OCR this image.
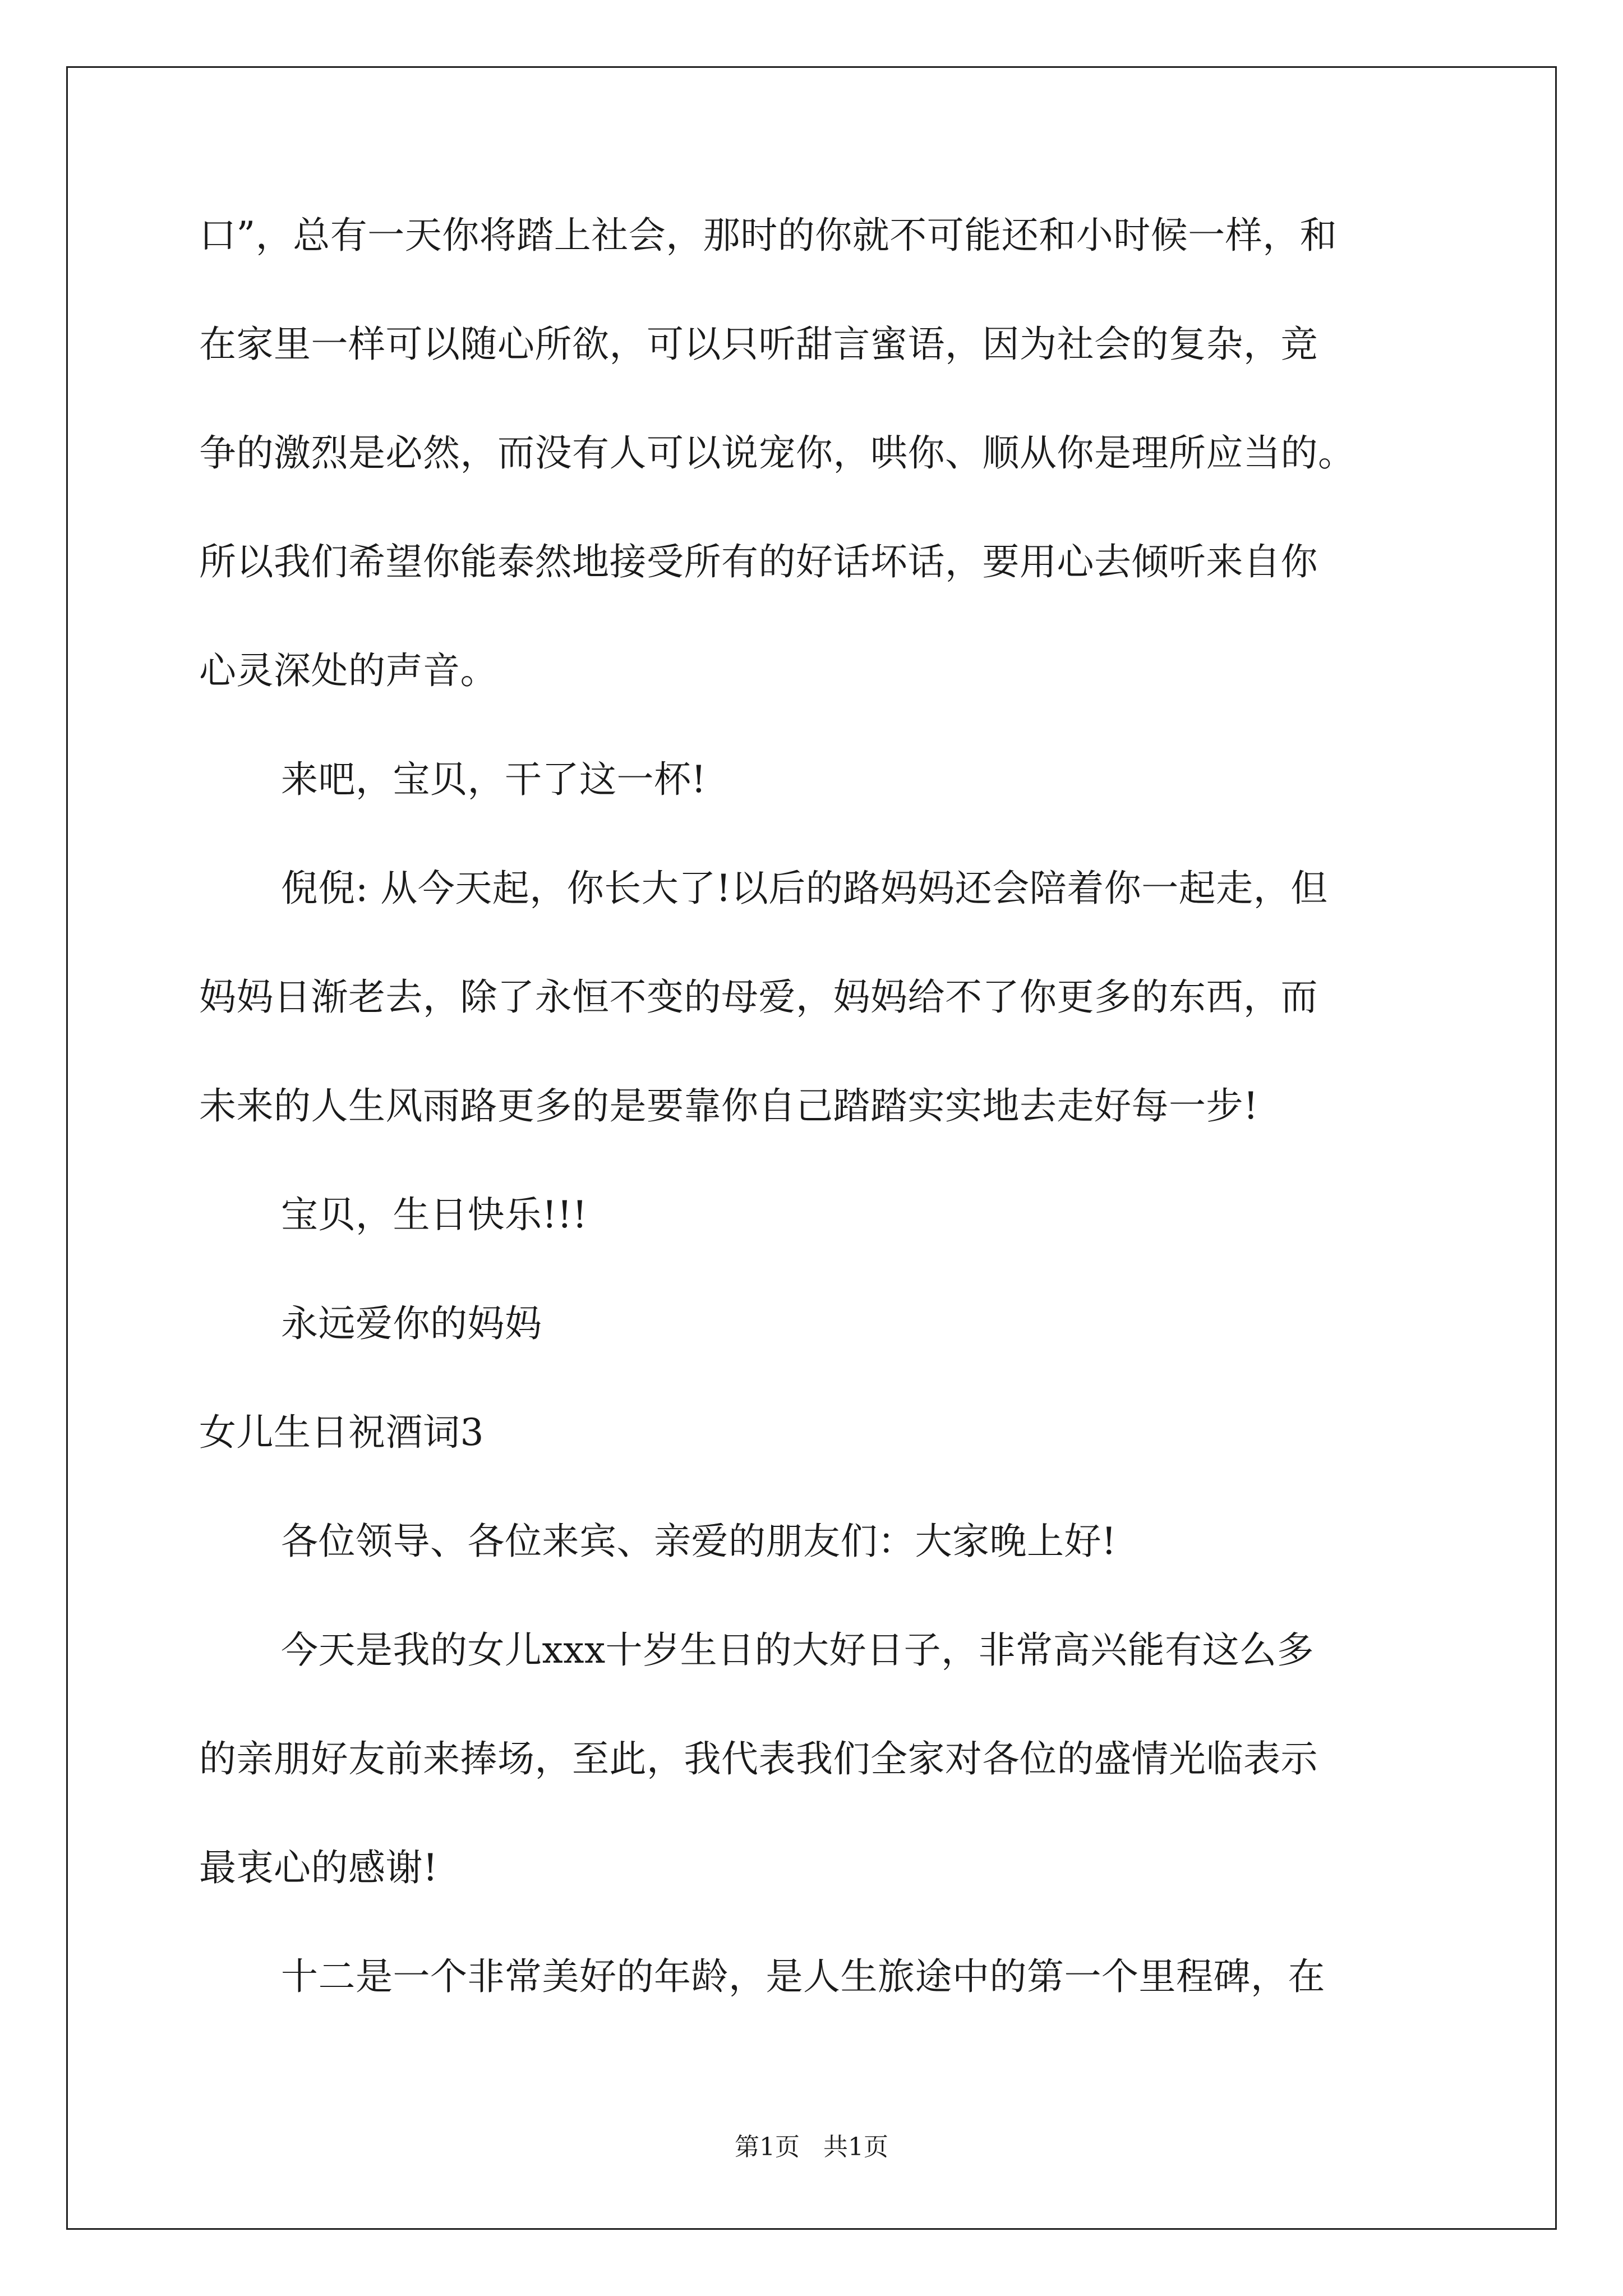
口”，总有一天你将踏上社会，那时的你就不可能还和小时候一样，和

在家里一样可以随心所欲，可以只听甜言蜜语，因为社会的复杂，竞

争的激烈是必然，而没有人可以说宠你，哄你、顺从你是理所应当的。

所以我们希望你能泰然地接受所有的好话坏话，要用心去倾听来自你

心灵深处的声音。

来吧，宝贝，干了这一杯!

倪倪: 从今天起，你长大了!以后的路妈妈还会陪着你一起走，但

妈妈日渐老去，除了永恒不变的母爱，妈妈给不了你更多的东西，而

未来的人生风雨路更多的是要靠你自己踏踏实实地去走好每一步!

宝贝，生日快乐!!!

永远爱你的妈妈

女儿生日祝酒词3

各位领导、各位来宾、亲爱的朋友们：大家晚上好!

今天是我的女儿xxx十岁生日的大好日子，非常高兴能有这么多

的亲朋好友前来捧场，至此，我代表我们全家对各位的盛情光临表示

最衷心的感谢!

十二是一个非常美好的年龄，是人生旅途中的第一个里程碑，在

第1页   共1页
